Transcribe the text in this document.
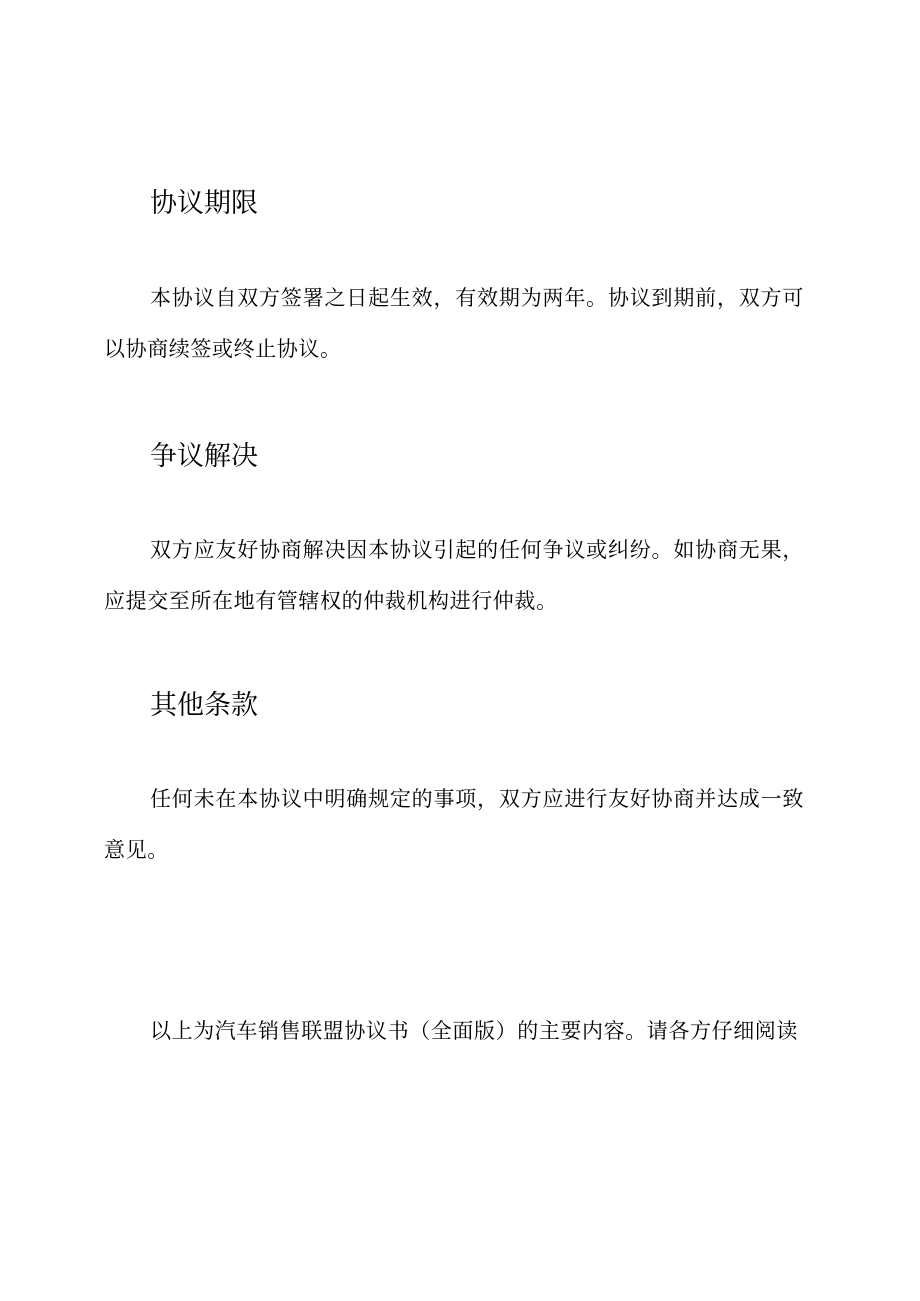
协议期限

本协议自双方签署之日起生效，有效期为两年。协议到期前，双方可以协商续签或终止协议。

争议解决

双方应友好协商解决因本协议引起的任何争议或纠纷。如协商无果，应提交至所在地有管辖权的仲裁机构进行仲裁。

其他条款

任何未在本协议中明确规定的事项，双方应进行友好协商并达成一致意见。

以上为汽车销售联盟协议书（全面版）的主要内容。请各方仔细阅读
